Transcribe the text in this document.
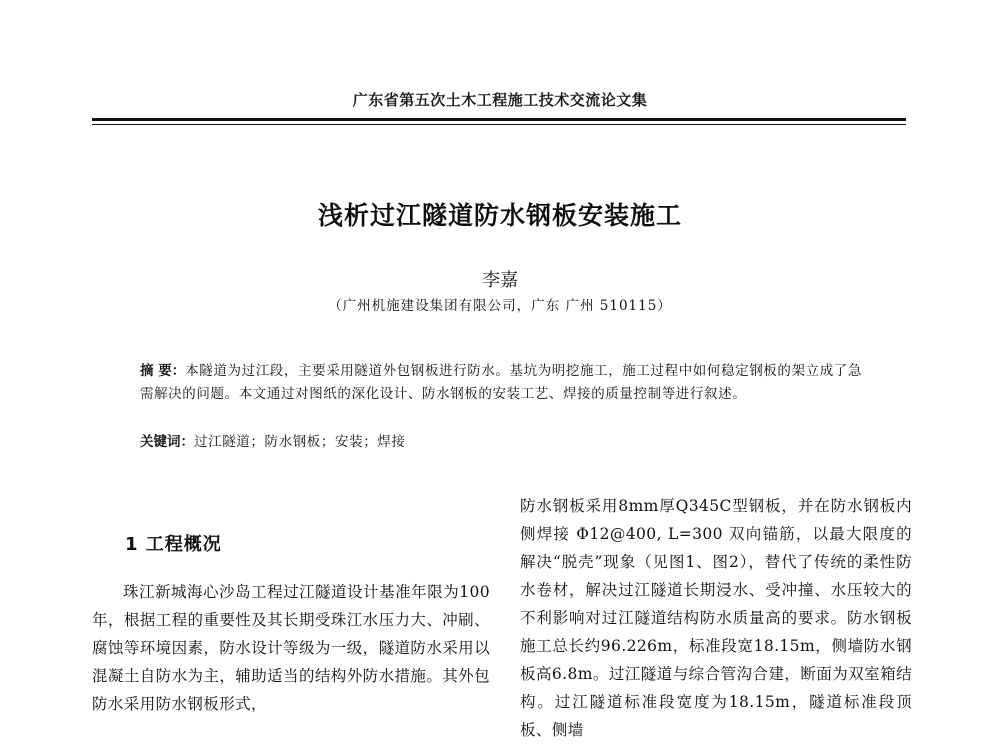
广东省第五次土木工程施工技术交流论文集
浅析过江隧道防水钢板安装施工
李嘉
（广州机施建设集团有限公司，广东 广州 510115）
摘 要：本隧道为过江段，主要采用隧道外包钢板进行防水。基坑为明挖施工，施工过程中如何稳定钢板的架立成了急需解决的问题。本文通过对图纸的深化设计、防水钢板的安装工艺、焊接的质量控制等进行叙述。
关键词：过江隧道；防水钢板；安装；焊接
1 工程概况

珠江新城海心沙岛工程过江隧道设计基准年限为100年，根据工程的重要性及其长期受珠江水压力大、冲刷、腐蚀等环境因素，防水设计等级为一级，隧道防水采用以混凝土自防水为主，辅助适当的结构外防水措施。其外包防水采用防水钢板形式，

防水钢板采用8mm厚Q345C型钢板，并在防水钢板内侧焊接 Φ12@400, L=300 双向锚筋，以最大限度的解决“脱壳”现象（见图1、图2），替代了传统的柔性防水卷材，解决过江隧道长期浸水、受冲撞、水压较大的不利影响对过江隧道结构防水质量高的要求。防水钢板施工总长约96.226m，标准段宽18.15m，侧墙防水钢板高6.8m。过江隧道与综合管沟合建，断面为双室箱结构。过江隧道标准段宽度为18.15m，隧道标准段顶板、侧墙
